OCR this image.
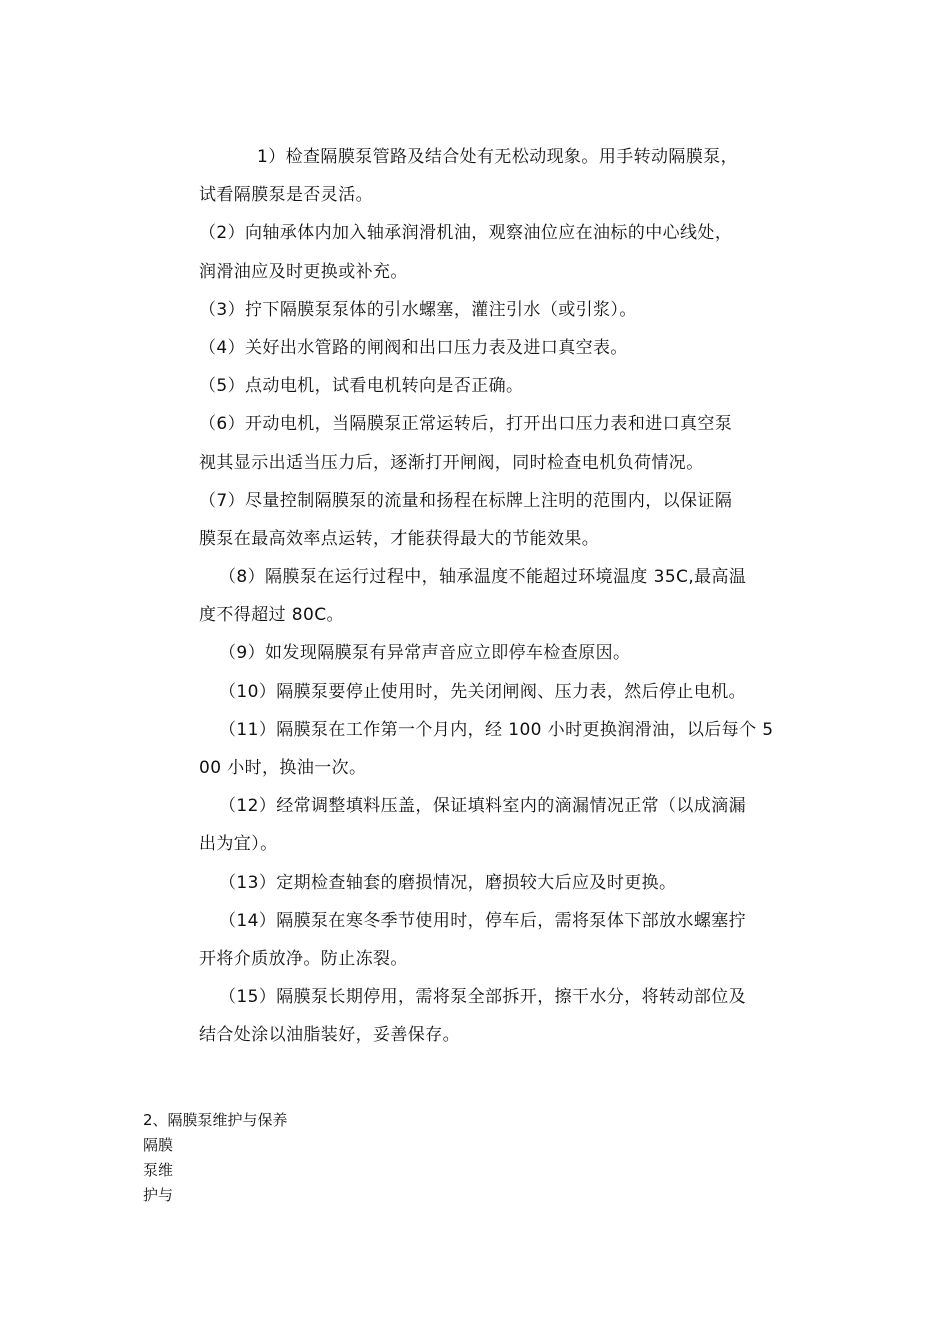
1）检查隔膜泵管路及结合处有无松动现象。用手转动隔膜泵，
试看隔膜泵是否灵活。
（2）向轴承体内加入轴承润滑机油，观察油位应在油标的中心线处，
润滑油应及时更换或补充。
（3）拧下隔膜泵泵体的引水螺塞，灌注引水（或引浆）。
（4）关好出水管路的闸阀和出口压力表及进口真空表。
（5）点动电机，试看电机转向是否正确。
（6）开动电机，当隔膜泵正常运转后，打开出口压力表和进口真空泵
视其显示出适当压力后，逐渐打开闸阀，同时检查电机负荷情况。
（7）尽量控制隔膜泵的流量和扬程在标牌上注明的范围内，以保证隔
膜泵在最高效率点运转，才能获得最大的节能效果。
（8）隔膜泵在运行过程中，轴承温度不能超过环境温度 35C,最高温
度不得超过 80C。
（9）如发现隔膜泵有异常声音应立即停车检查原因。
（10）隔膜泵要停止使用时，先关闭闸阀、压力表，然后停止电机。
（11）隔膜泵在工作第一个月内，经 100 小时更换润滑油，以后每个 5
00 小时，换油一次。
（12）经常调整填料压盖，保证填料室内的滴漏情况正常（以成滴漏
出为宜）。
（13）定期检查轴套的磨损情况，磨损较大后应及时更换。
（14）隔膜泵在寒冬季节使用时，停车后，需将泵体下部放水螺塞拧
开将介质放净。防止冻裂。
（15）隔膜泵长期停用，需将泵全部拆开，擦干水分，将转动部位及
结合处涂以油脂装好，妥善保存。
2、隔膜泵维护与保养
隔膜
泵维
护与
